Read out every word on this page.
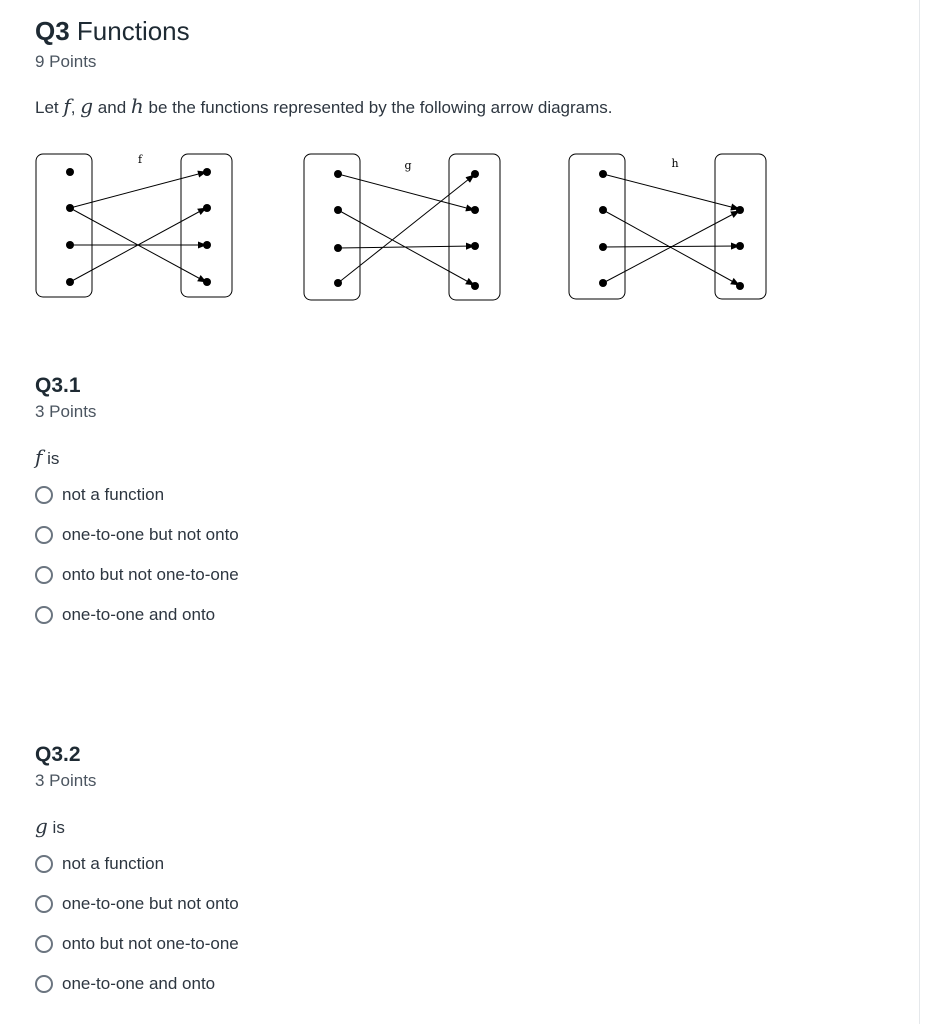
Q3 Functions
9 Points
Let f, g and h be the functions represented by the following arrow diagrams.
f	g	h
Q3.1
3 Points
f is
not a function
one-to-one but not onto
onto but not one-to-one
one-to-one and onto
Q3.2
3 Points
g is
not a function
one-to-one but not onto
onto but not one-to-one
one-to-one and onto
